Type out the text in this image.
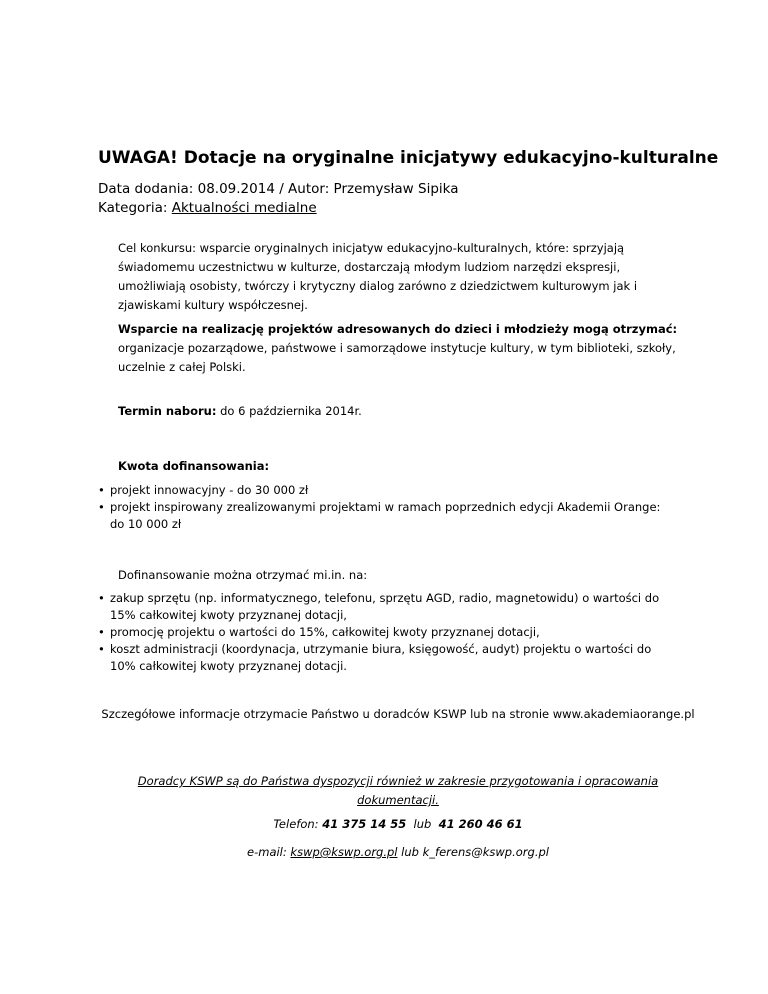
UWAGA! Dotacje na oryginalne inicjatywy edukacyjno-kulturalne
Data dodania: 08.09.2014 / Autor: Przemysław Sipika
Kategoria: Aktualności medialne

Cel konkursu: wsparcie oryginalnych inicjatyw edukacyjno-kulturalnych, które: sprzyjają świadomemu uczestnictwu w kulturze, dostarczają młodym ludziom narzędzi ekspresji, umożliwiają osobisty, twórczy i krytyczny dialog zarówno z dziedzictwem kulturowym jak i zjawiskami kultury współczesnej.

Wsparcie na realizację projektów adresowanych do dzieci i młodzieży mogą otrzymać: organizacje pozarządowe, państwowe i samorządowe instytucje kultury, w tym biblioteki, szkoły, uczelnie z całej Polski.

Termin naboru: do 6 października 2014r.

Kwota dofinansowania:

• projekt innowacyjny - do 30 000 zł
• projekt inspirowany zrealizowanymi projektami w ramach poprzednich edycji Akademii Orange: do 10 000 zł

Dofinansowanie można otrzymać mi.in. na:

• zakup sprzętu (np. informatycznego, telefonu, sprzętu AGD, radio, magnetowidu) o wartości do 15% całkowitej kwoty przyznanej dotacji,
• promocję projektu o wartości do 15%, całkowitej kwoty przyznanej dotacji,
• koszt administracji (koordynacja, utrzymanie biura, księgowość, audyt) projektu o wartości do 10% całkowitej kwoty przyznanej dotacji.

Szczegółowe informacje otrzymacie Państwo u doradców KSWP lub na stronie www.akademiaorange.pl

Doradcy KSWP są do Państwa dyspozycji również w zakresie przygotowania i opracowania dokumentacji.

Telefon: 41 375 14 55  lub  41 260 46 61

e-mail: kswp@kswp.org.pl lub k_ferens@kswp.org.pl
